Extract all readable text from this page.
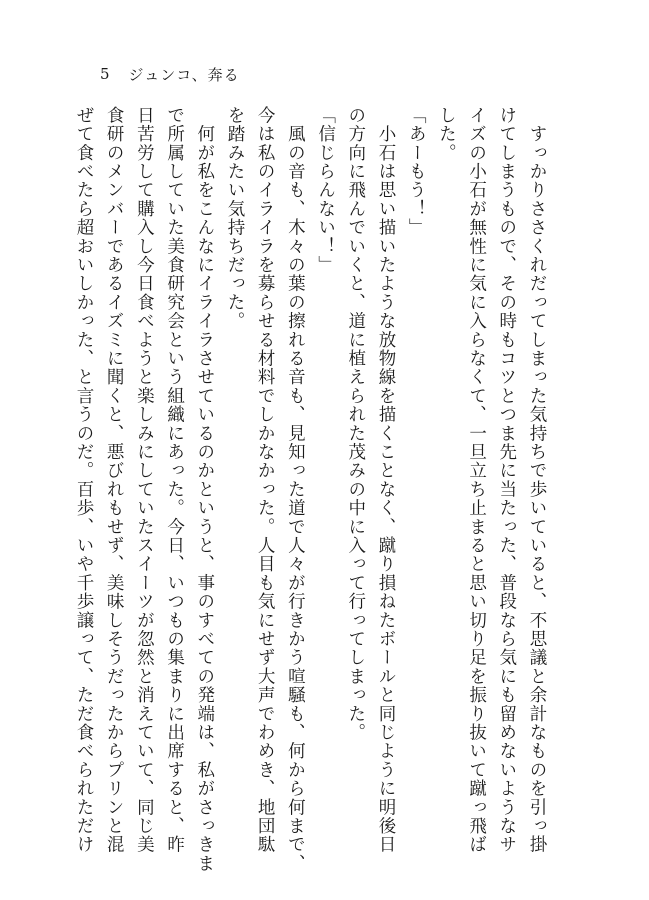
5 ジュンコ、奔る

　すっかりささくれだってしまった気持ちで歩いていると、不思議と余計なものを引っ掛
けてしまうもので、その時もコツとつま先に当たった、普段なら気にも留めないようなサ
イズの小石が無性に気に入らなくて、一旦立ち止まると思い切り足を振り抜いて蹴っ飛ば
した。

「あーもう！」

　小石は思い描いたような放物線を描くことなく、蹴り損ねたボールと同じように明後日
の方向に飛んでいくと、道に植えられた茂みの中に入って行ってしまった。

「信じらんない！」

　風の音も、木々の葉の擦れる音も、見知った道で人々が行きかう喧騒も、何から何まで、
今は私のイライラを募らせる材料でしかなかった。人目も気にせず大声でわめき、地団駄
を踏みたい気持ちだった。

　何が私をこんなにイライラさせているのかというと、事のすべての発端は、私がさっきま
で所属していた美食研究会という組織にあった。今日、いつもの集まりに出席すると、昨
日苦労して購入し今日食べようと楽しみにしていたスイーツが忽然と消えていて、同じ美
食研のメンバーであるイズミに聞くと、悪びれもせず、美味しそうだったからプリンと混
ぜて食べたら超おいしかった、と言うのだ。百歩、いや千歩譲って、ただ食べられただけ
